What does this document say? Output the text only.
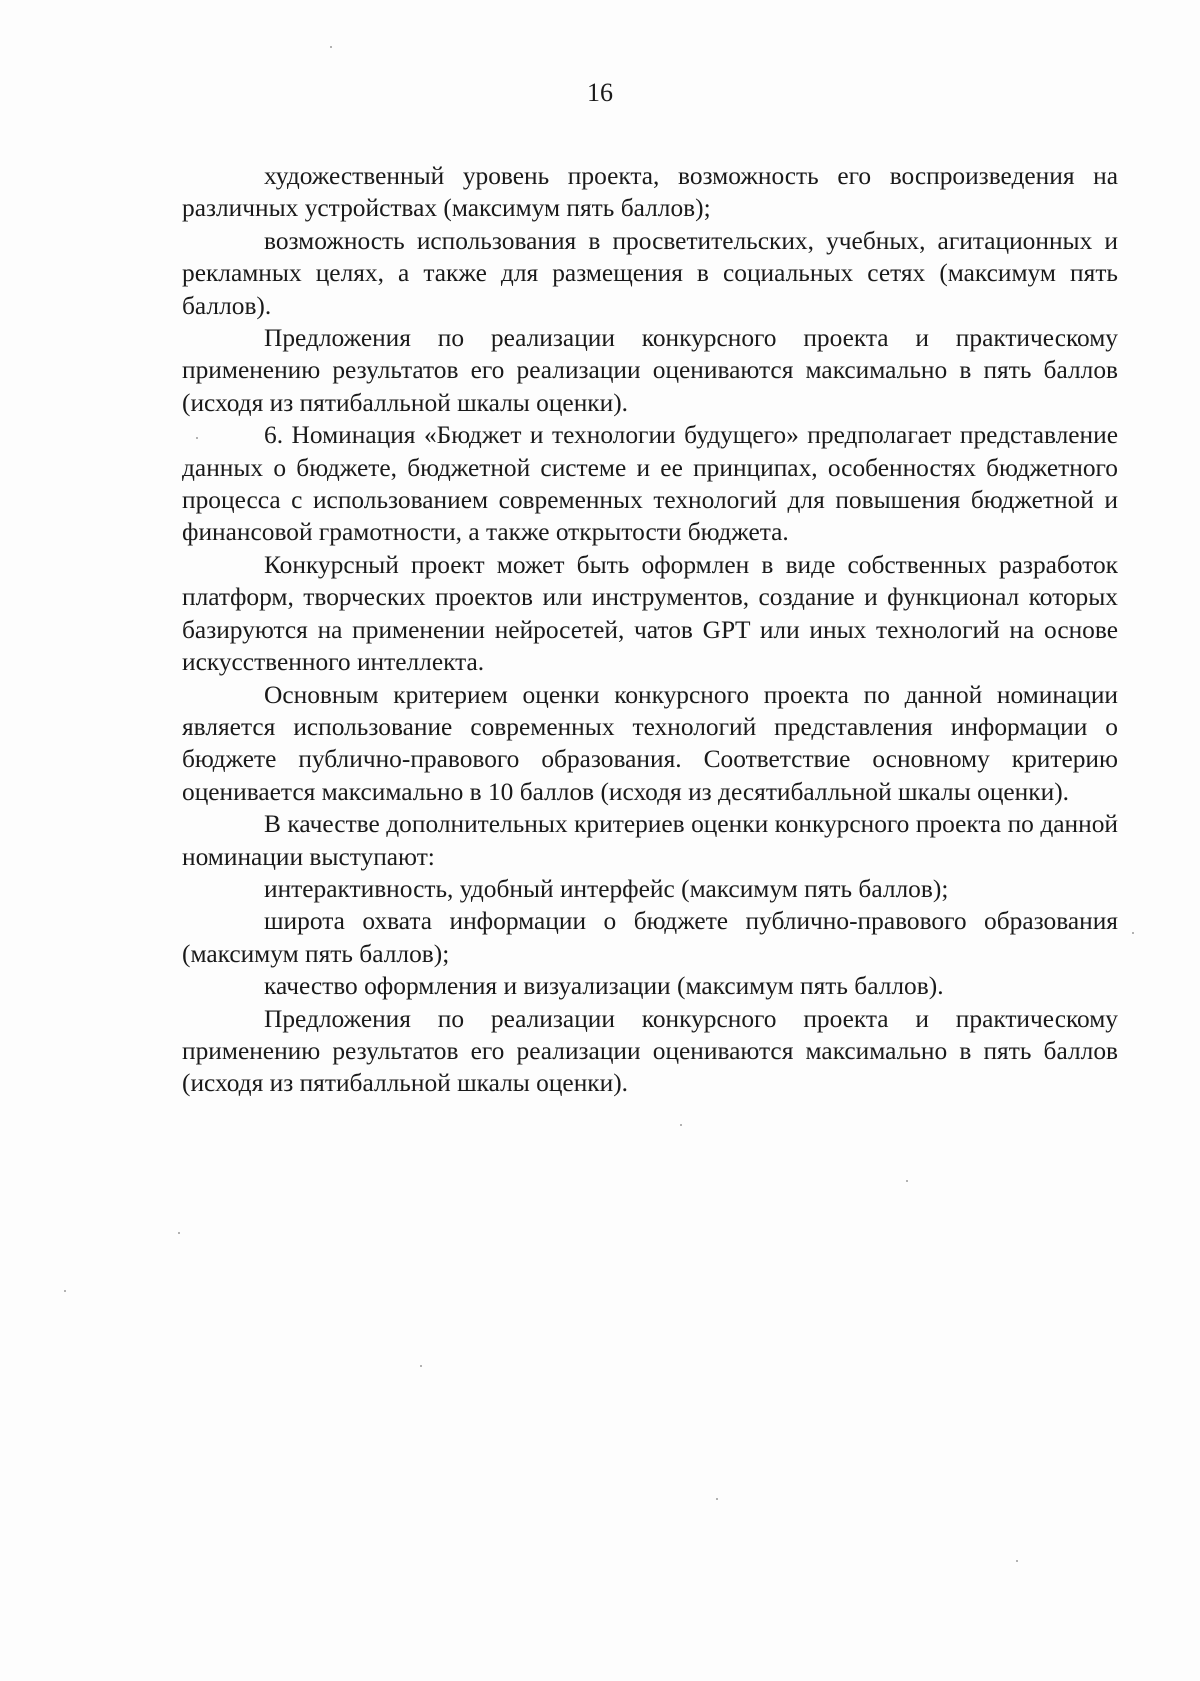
16

художественный уровень проекта, возможность его воспроизведения на различных устройствах (максимум пять баллов);

возможность использования в просветительских, учебных, агитационных и рекламных целях, а также для размещения в социальных сетях (максимум пять баллов).

Предложения по реализации конкурсного проекта и практическому применению результатов его реализации оцениваются максимально в пять баллов (исходя из пятибалльной шкалы оценки).

6. Номинация «Бюджет и технологии будущего» предполагает представление данных о бюджете, бюджетной системе и ее принципах, особенностях бюджетного процесса с использованием современных технологий для повышения бюджетной и финансовой грамотности, а также открытости бюджета.

Конкурсный проект может быть оформлен в виде собственных разработок платформ, творческих проектов или инструментов, создание и функционал которых базируются на применении нейросетей, чатов GPT или иных технологий на основе искусственного интеллекта.

Основным критерием оценки конкурсного проекта по данной номинации является использование современных технологий представления информации о бюджете публично-правового образования. Соответствие основному критерию оценивается максимально в 10 баллов (исходя из десятибалльной шкалы оценки).

В качестве дополнительных критериев оценки конкурсного проекта по данной номинации выступают:

интерактивность, удобный интерфейс (максимум пять баллов);

широта охвата информации о бюджете публично-правового образования (максимум пять баллов);

качество оформления и визуализации (максимум пять баллов).

Предложения по реализации конкурсного проекта и практическому применению результатов его реализации оцениваются максимально в пять баллов (исходя из пятибалльной шкалы оценки).
